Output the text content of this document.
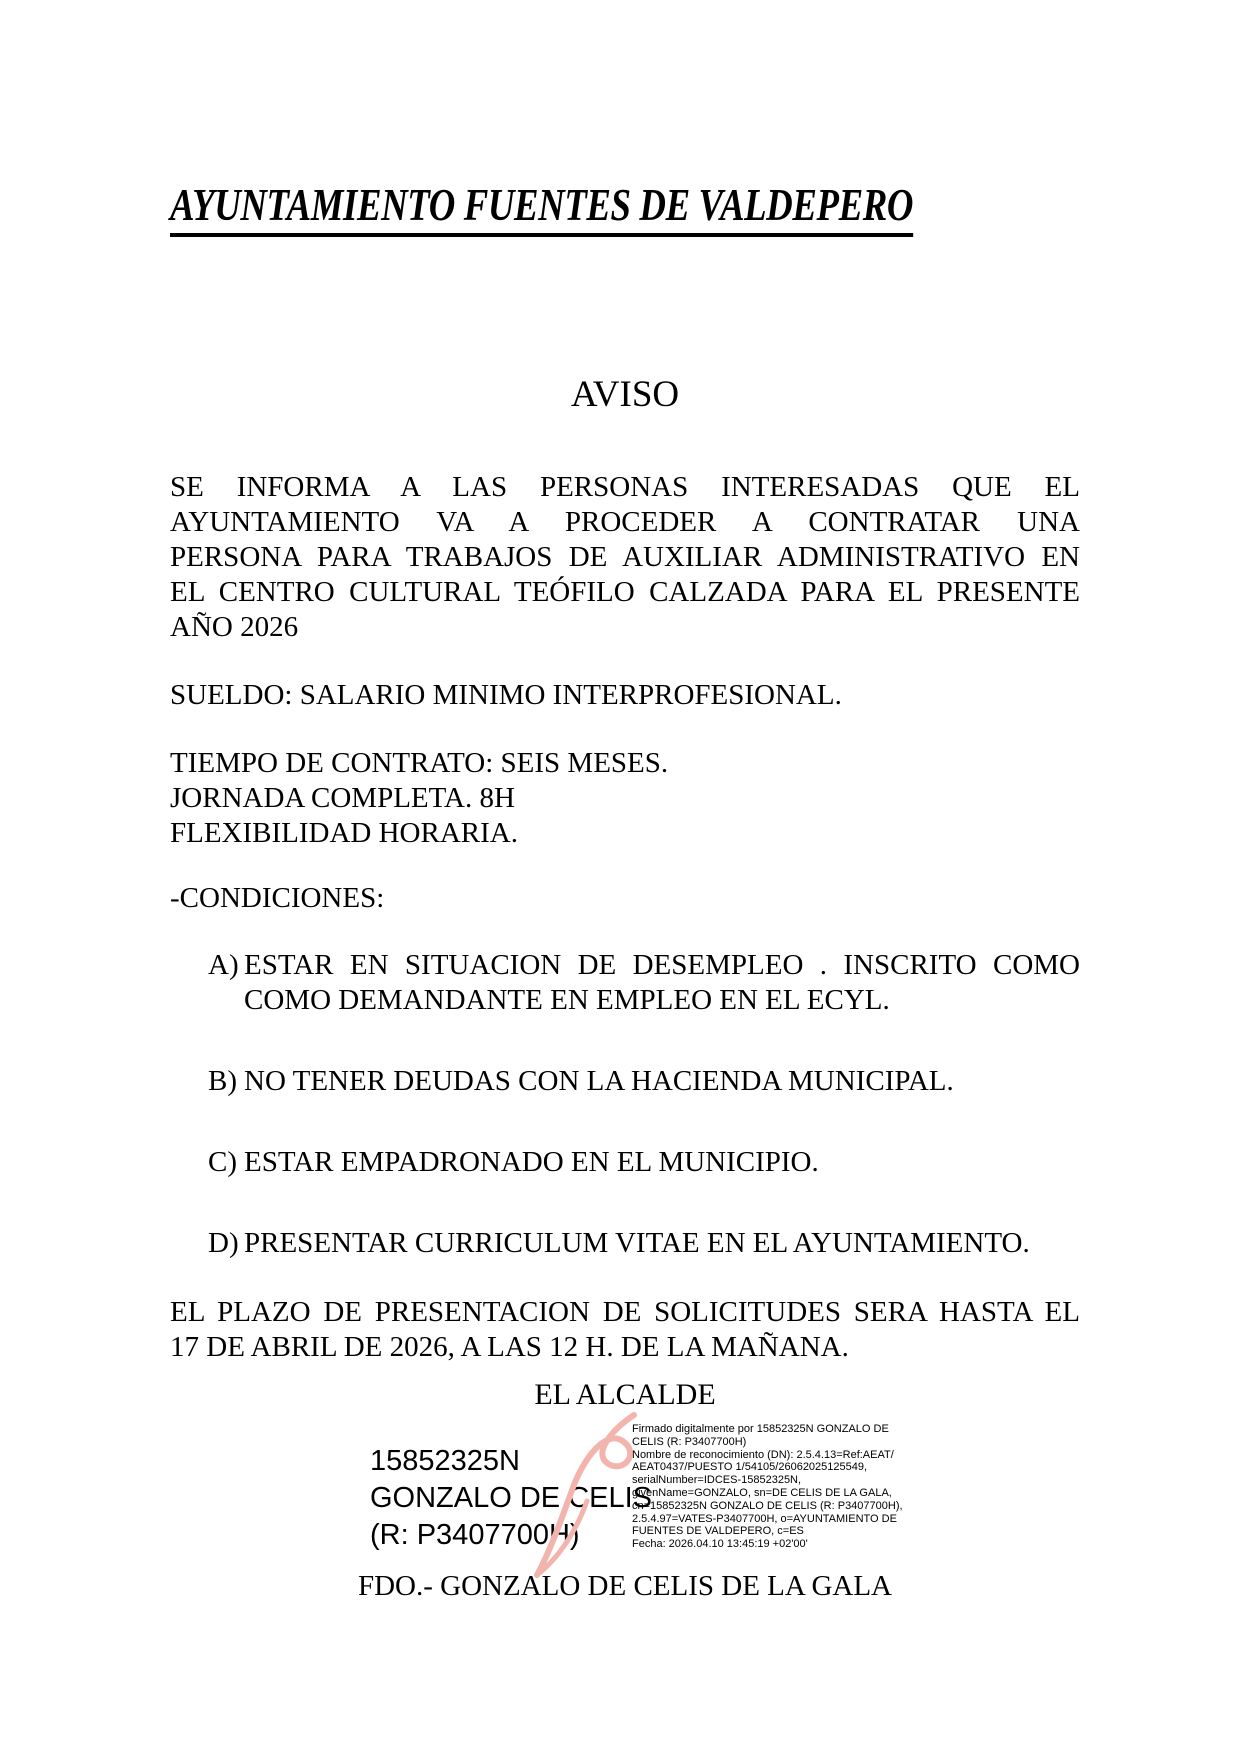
AYUNTAMIENTO FUENTES DE VALDEPERO
AVISO
SE INFORMA A LAS PERSONAS INTERESADAS QUE EL
AYUNTAMIENTO VA A PROCEDER A CONTRATAR UNA
PERSONA PARA TRABAJOS DE AUXILIAR ADMINISTRATIVO EN
EL CENTRO CULTURAL TEÓFILO CALZADA PARA EL PRESENTE
AÑO 2026
SUELDO: SALARIO MINIMO INTERPROFESIONAL.
TIEMPO DE CONTRATO: SEIS MESES.
JORNADA COMPLETA. 8H
FLEXIBILIDAD HORARIA.
-CONDICIONES:
A) ESTAR EN SITUACION DE DESEMPLEO . INSCRITO COMO
COMO DEMANDANTE EN EMPLEO EN EL ECYL.
B) NO TENER DEUDAS CON LA HACIENDA MUNICIPAL.
C) ESTAR EMPADRONADO EN EL MUNICIPIO.
D) PRESENTAR CURRICULUM VITAE EN EL AYUNTAMIENTO.
EL PLAZO DE PRESENTACION DE SOLICITUDES SERA HASTA EL
17 DE ABRIL DE 2026, A LAS 12 H. DE LA MAÑANA.
EL ALCALDE
15852325N
GONZALO DE CELIS
(R: P3407700H)
Firmado digitalmente por 15852325N GONZALO DE
CELIS (R: P3407700H)
Nombre de reconocimiento (DN): 2.5.4.13=Ref:AEAT/
AEAT0437/PUESTO 1/54105/26062025125549,
serialNumber=IDCES-15852325N,
givenName=GONZALO, sn=DE CELIS DE LA GALA,
cn=15852325N GONZALO DE CELIS (R: P3407700H),
2.5.4.97=VATES-P3407700H, o=AYUNTAMIENTO DE
FUENTES DE VALDEPERO, c=ES
Fecha: 2026.04.10 13:45:19 +02'00'
FDO.- GONZALO DE CELIS DE LA GALA
